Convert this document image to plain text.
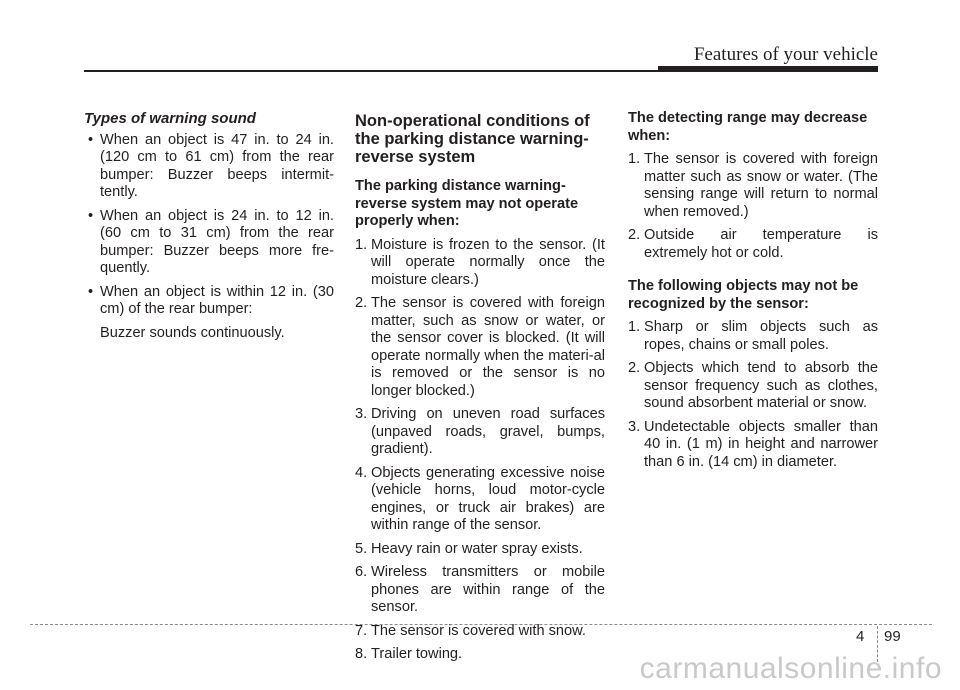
Features of your vehicle
Types of warning sound
• When an object is 47 in. to 24 in. (120 cm to 61 cm) from the rear bumper: Buzzer beeps intermit-tently.
• When an object is 24 in. to 12 in. (60 cm to 31 cm) from the rear bumper: Buzzer beeps more fre-quently.
• When an object is within 12 in. (30 cm) of the rear bumper:

Buzzer sounds continuously.

Non-operational conditions of the parking distance warning-reverse system
The parking distance warning-reverse system may not operate properly when:
1. Moisture is frozen to the sensor. (It will operate normally once the moisture clears.)
2. The sensor is covered with foreign matter, such as snow or water, or the sensor cover is blocked. (It will operate normally when the materi-al is removed or the sensor is no longer blocked.)
3. Driving on uneven road surfaces (unpaved roads, gravel, bumps, gradient).
4. Objects generating excessive noise (vehicle horns, loud motor-cycle engines, or truck air brakes) are within range of the sensor.
5. Heavy rain or water spray exists.
6. Wireless transmitters or mobile phones are within range of the sensor.
7. The sensor is covered with snow.
8. Trailer towing.
The detecting range may decrease when:
1. The sensor is covered with foreign matter such as snow or water. (The sensing range will return to normal when removed.)
2. Outside air temperature is extremely hot or cold.
The following objects may not be recognized by the sensor:
1. Sharp or slim objects such as ropes, chains or small poles.
2. Objects which tend to absorb the sensor frequency such as clothes, sound absorbent material or snow.
3. Undetectable objects smaller than 40 in. (1 m) in height and narrower than 6 in. (14 cm) in diameter.
4 99
carmanualsonline.info
